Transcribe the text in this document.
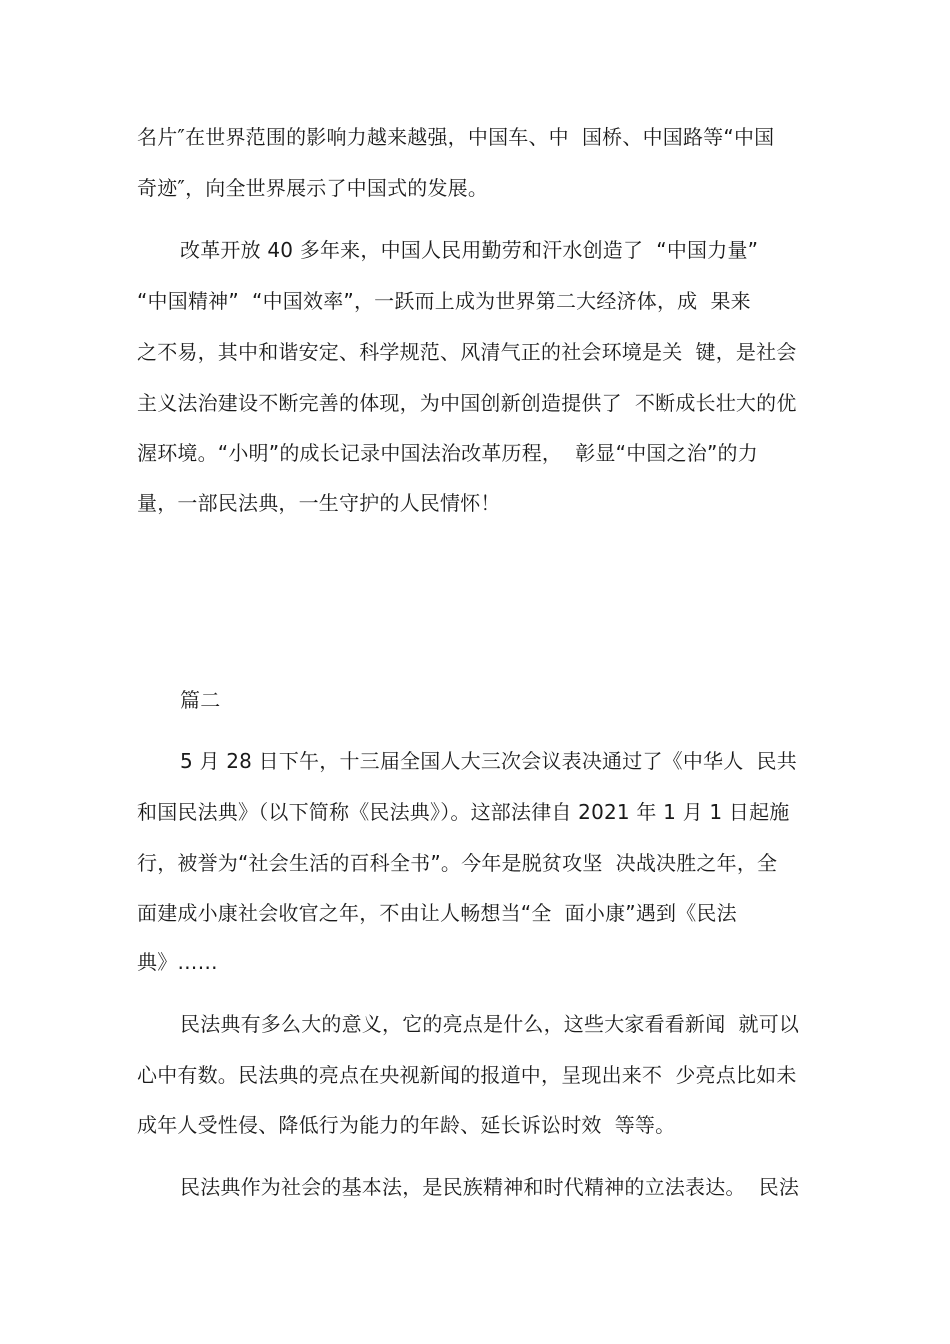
名片″在世界范围的影响力越来越强，中国车、中  国桥、中国路等“中国
奇迹″，向全世界展示了中国式的发展。
改革开放 40 多年来，中国人民用勤劳和汗水创造了  “中国力量”
“中国精神”  “中国效率”，一跃而上成为世界第二大经济体，成  果来
之不易，其中和谐安定、科学规范、风清气正的社会环境是关  键，是社会
主义法治建设不断完善的体现，为中国创新创造提供了  不断成长壮大的优
渥环境。“小明”的成长记录中国法治改革历程，  彰显“中国之治”的力
量，一部民法典，一生守护的人民情怀！
篇二
5 月 28 日下午，十三届全国人大三次会议表决通过了《中华人  民共
和国民法典》（以下简称《民法典》）。这部法律自 2021 年 1 月 1 日起施
行，被誉为“社会生活的百科全书”。今年是脱贫攻坚  决战决胜之年，全
面建成小康社会收官之年，不由让人畅想当“全  面小康”遇到《民法
典》……
民法典有多么大的意义，它的亮点是什么，这些大家看看新闻  就可以
心中有数。民法典的亮点在央视新闻的报道中，呈现出来不  少亮点比如未
成年人受性侵、降低行为能力的年龄、延长诉讼时效  等等。
民法典作为社会的基本法，是民族精神和时代精神的立法表达。  民法
